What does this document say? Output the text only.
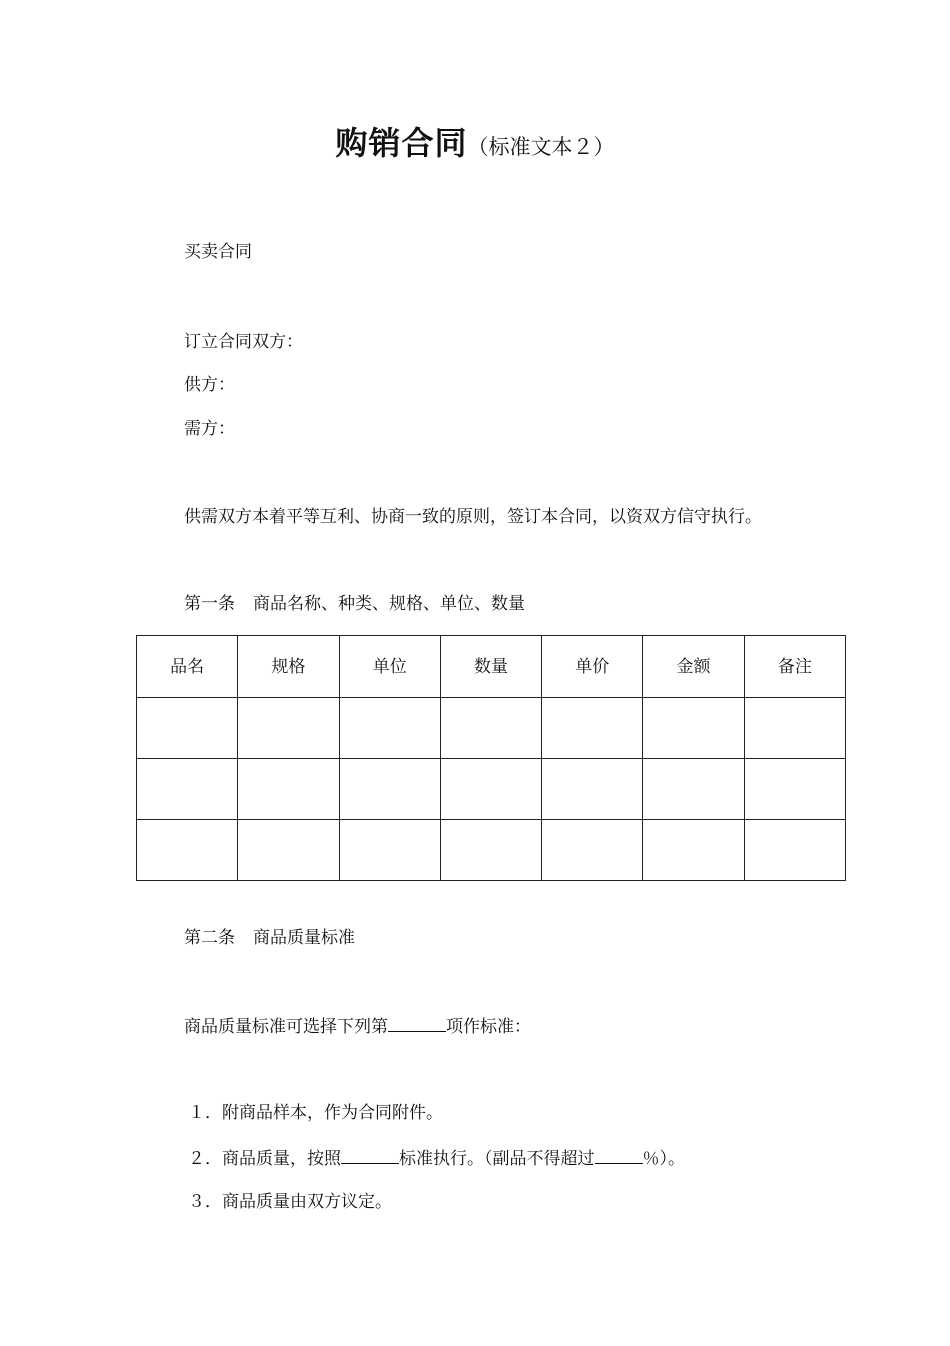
购销合同（标准文本２）
买卖合同
订立合同双方：
供方：
需方：
供需双方本着平等互利、协商一致的原则，签订本合同，以资双方信守执行。
第一条 商品名称、种类、规格、单位、数量
品名	规格	单位	数量	单价	金额	备注

第二条 商品质量标准
商品质量标准可选择下列第	项作标准：
１．附商品样本，作为合同附件。
２．商品质量，按照	标准执行。（副品不得超过	％）。
３．商品质量由双方议定。
